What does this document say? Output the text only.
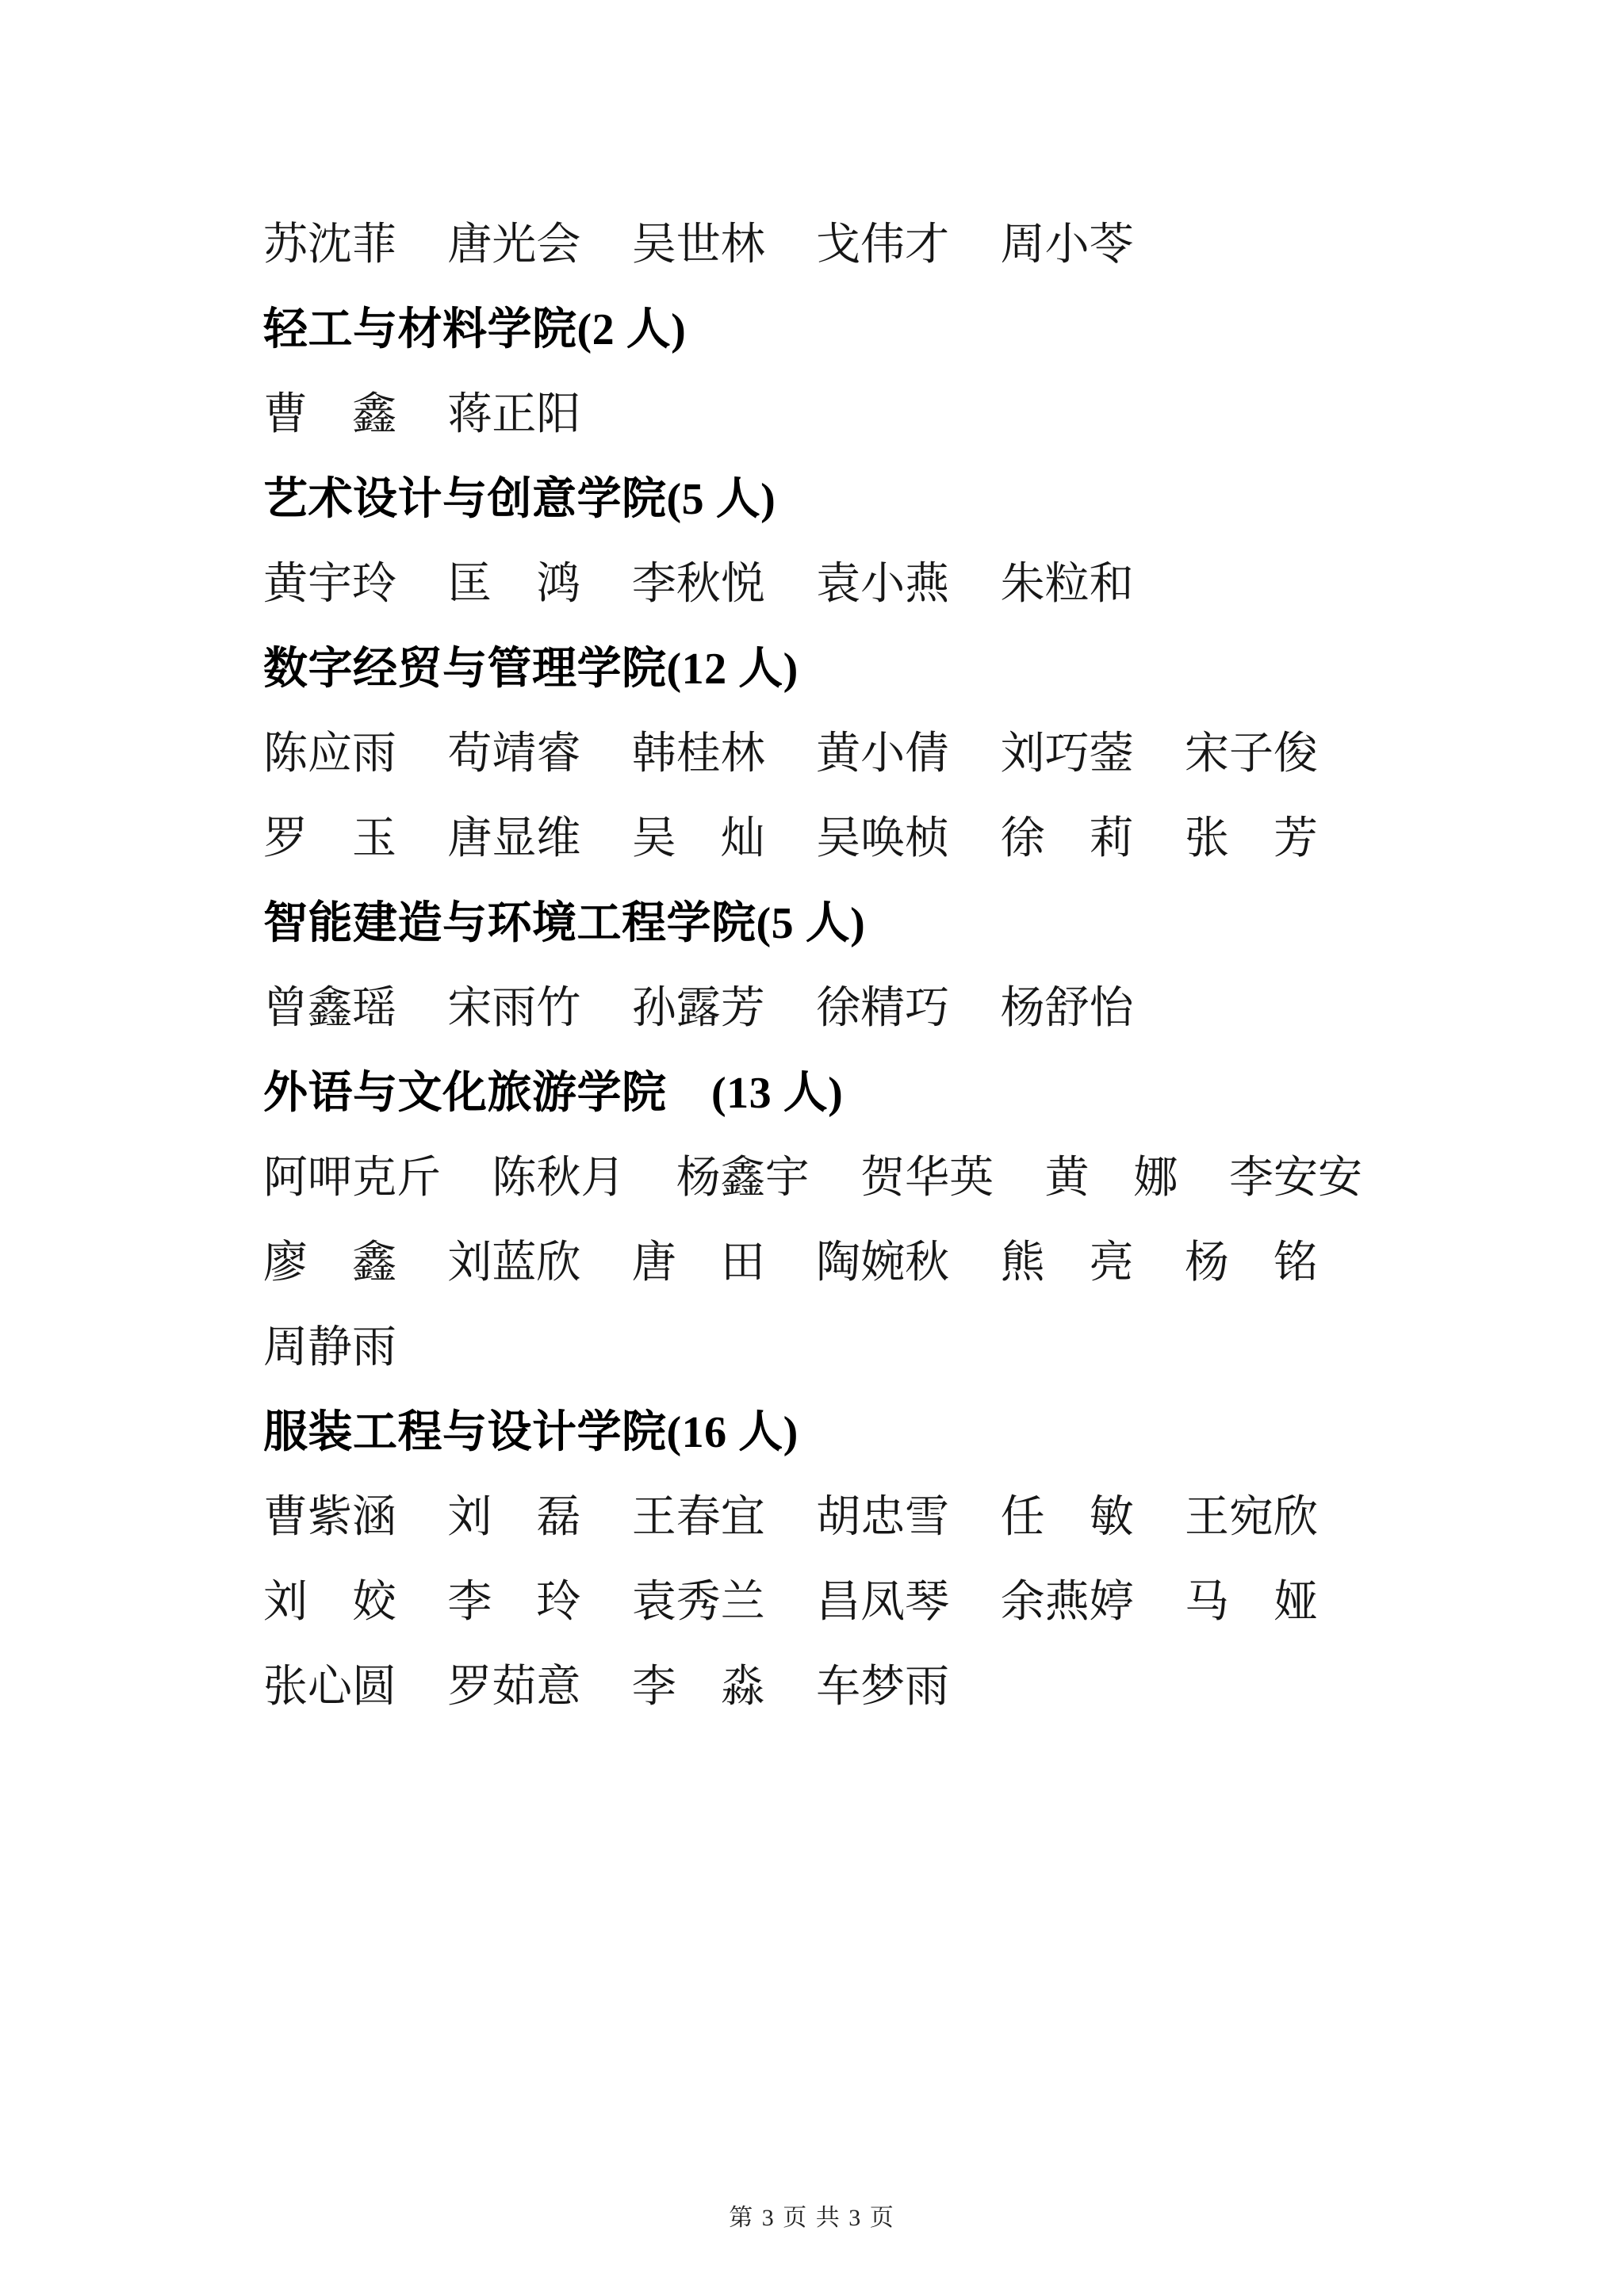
苏沈菲 唐光会 吴世林 戈伟才 周小苓
轻工与材料学院(2 人)
曹　鑫 蒋正阳
艺术设计与创意学院(5 人)
黄宇玲 匡　鸿 李秋悦 袁小燕 朱粒和
数字经贸与管理学院(12 人)
陈应雨 苟靖睿 韩桂林 黄小倩 刘巧蓥 宋子俊
罗　玉 唐显维 吴　灿 吴唤桢 徐　莉 张　芳
智能建造与环境工程学院(5 人)
曾鑫瑶 宋雨竹 孙露芳 徐精巧 杨舒怡
外语与文化旅游学院　(13 人)
阿呷克斤 陈秋月 杨鑫宇 贺华英 黄　娜 李安安
廖　鑫 刘蓝欣 唐　田 陶婉秋 熊　亮 杨　铭
周静雨
服装工程与设计学院(16 人)
曹紫涵 刘　磊 王春宜 胡忠雪 任　敏 王宛欣
刘　姣 李　玲 袁秀兰 昌凤琴 余燕婷 马　娅
张心圆 罗茹意 李　淼 车梦雨
第 3 页 共 3 页
